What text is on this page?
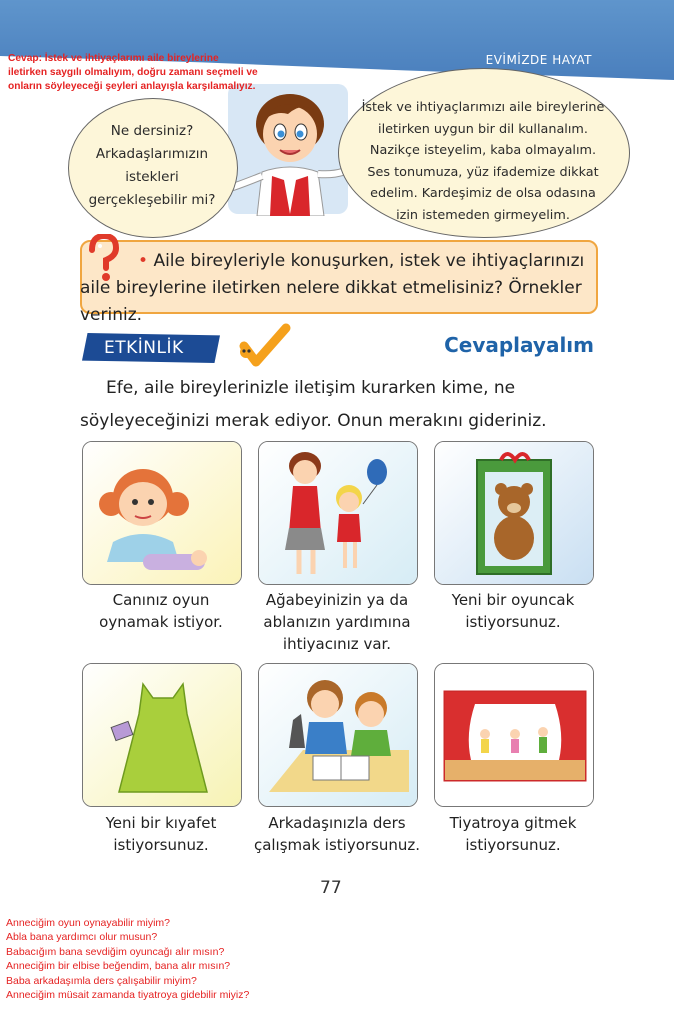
EVİMİZDE HAYAT
Cevap: İstek ve ihtiyaçlarımı aile bireylerine iletirken saygılı olmalıyım, doğru zamanı seçmeli ve onların söyleyeceği şeyleri anlayışla karşılamalıyız.
Ne dersiniz?
Arkadaşlarımızın
istekleri
gerçekleşebilir mi?
İstek ve ihtiyaçlarımızı aile bireylerine
iletirken uygun bir dil kullanalım.
Nazikçe isteyelim, kaba olmayalım.
Ses tonumuza, yüz ifademize dikkat
edelim. Kardeşimiz de olsa odasına
izin istemeden girmeyelim.
• Aile bireyleriyle konuşurken, istek ve ihtiyaçlarınızı aile bireylerine iletirken nelere dikkat etmelisiniz? Örnekler veriniz.
ETKİNLİK	Cevaplayalım
Efe, aile bireylerinizle iletişim kurarken kime, ne söyleyeceğinizi merak ediyor. Onun merakını gideriniz.
Canınız oyun
oynamak istiyor.
Ağabeyinizin ya da
ablanızın yardımına
ihtiyacınız var.
Yeni bir oyuncak
istiyorsunuz.
Yeni bir kıyafet
istiyorsunuz.
Arkadaşınızla ders
çalışmak istiyorsunuz.
Tiyatroya gitmek
istiyorsunuz.
77
Anneciğim oyun oynayabilir miyim?
Abla bana yardımcı olur musun?
Babacığım bana sevdiğim oyuncağı alır mısın?
Anneciğim bir elbise beğendim, bana alır mısın?
Baba arkadaşımla ders çalışabilir miyim?
Anneciğim müsait zamanda tiyatroya gidebilir miyiz?
